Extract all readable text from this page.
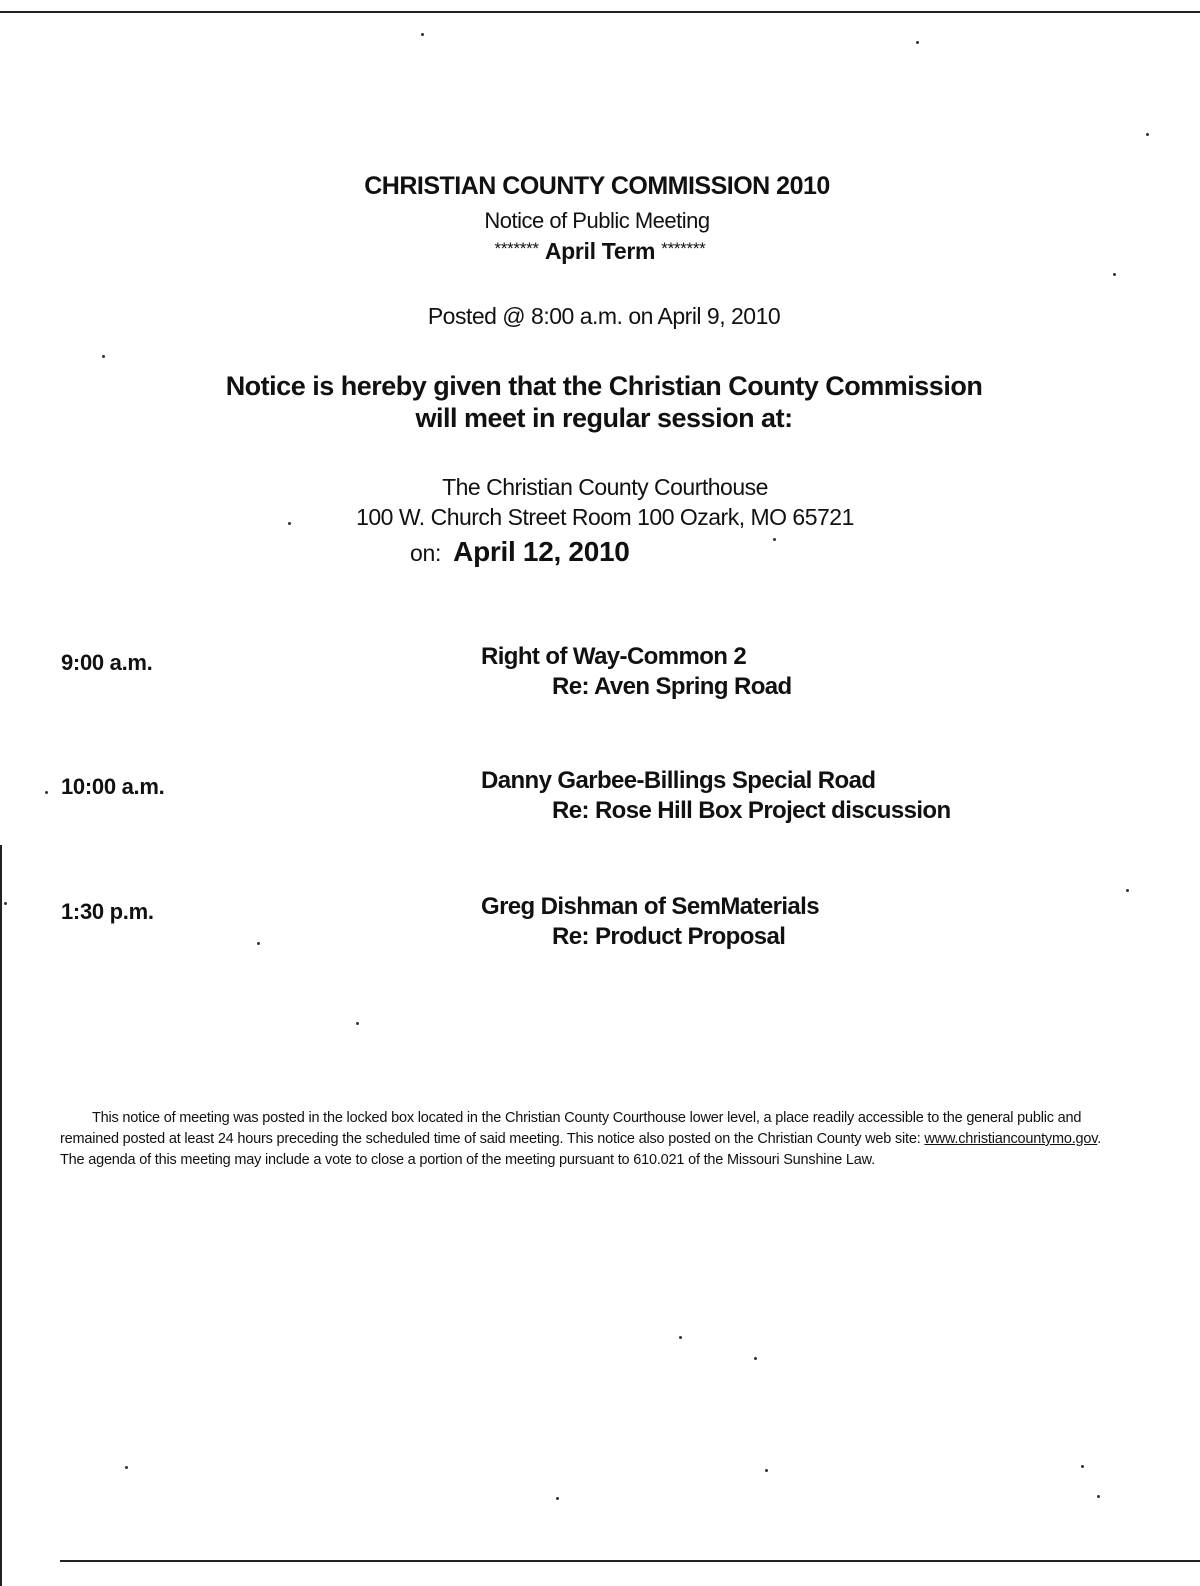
CHRISTIAN COUNTY COMMISSION 2010
Notice of Public Meeting
******* April Term *******
Posted @ 8:00 a.m. on April 9, 2010
Notice is hereby given that the Christian County Commission
will meet in regular session at:
The Christian County Courthouse
100 W. Church Street Room 100 Ozark, MO 65721
on: April 12, 2010
9:00 a.m.	Right of Way-Common 2
Re: Aven Spring Road
10:00 a.m.	Danny Garbee-Billings Special Road
Re: Rose Hill Box Project discussion
1:30 p.m.	Greg Dishman of SemMaterials
Re: Product Proposal
This notice of meeting was posted in the locked box located in the Christian County Courthouse lower level, a place readily accessible to the general public and remained posted at least 24 hours preceding the scheduled time of said meeting. This notice also posted on the Christian County web site: www.christiancountymo.gov. The agenda of this meeting may include a vote to close a portion of the meeting pursuant to 610.021 of the Missouri Sunshine Law.
